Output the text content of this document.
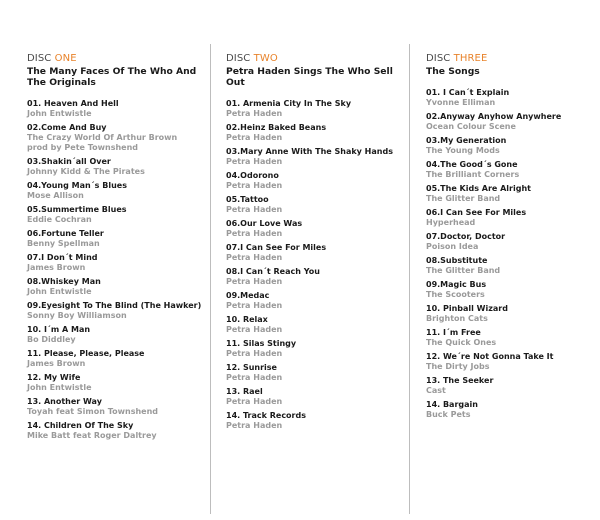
DISC ONE
The Many Faces Of The Who And The Originals
01. Heaven And Hell
John Entwistle
02.Come And Buy
The Crazy World Of Arthur Brown
prod by Pete Townshend
03.Shakin´all Over
Johnny Kidd & The Pirates
04.Young Man´s Blues
Mose Allison
05.Summertime Blues
Eddie Cochran
06.Fortune Teller
Benny Spellman
07.I Don´t Mind
James Brown
08.Whiskey Man
John Entwistle
09.Eyesight To The Blind (The Hawker)
Sonny Boy Williamson
10. I´m A Man
Bo Diddley
11. Please, Please, Please
James Brown
12. My Wife
John Entwistle
13. Another Way
Toyah feat Simon Townshend
14. Children Of The Sky
Mike Batt feat Roger Daltrey
DISC TWO
Petra Haden Sings The Who Sell Out
01. Armenia City In The Sky
Petra Haden
02.Heinz Baked Beans
Petra Haden
03.Mary Anne With The Shaky Hands
Petra Haden
04.Odorono
Petra Haden
05.Tattoo
Petra Haden
06.Our Love Was
Petra Haden
07.I Can See For Miles
Petra Haden
08.I Can´t Reach You
Petra Haden
09.Medac
Petra Haden
10. Relax
Petra Haden
11. Silas Stingy
Petra Haden
12. Sunrise
Petra Haden
13. Rael
Petra Haden
14. Track Records
Petra Haden
DISC THREE
The Songs
01. I Can´t Explain
Yvonne Elliman
02.Anyway Anyhow Anywhere
Ocean Colour Scene
03.My Generation
The Young Mods
04.The Good´s Gone
The Brilliant Corners
05.The Kids Are Alright
The Glitter Band
06.I Can See For Miles
Hyperhead
07.Doctor, Doctor
Poison Idea
08.Substitute
The Glitter Band
09.Magic Bus
The Scooters
10. Pinball Wizard
Brighton Cats
11. I´m Free
The Quick Ones
12. We´re Not Gonna Take It
The Dirty Jobs
13. The Seeker
Cast
14. Bargain
Buck Pets
